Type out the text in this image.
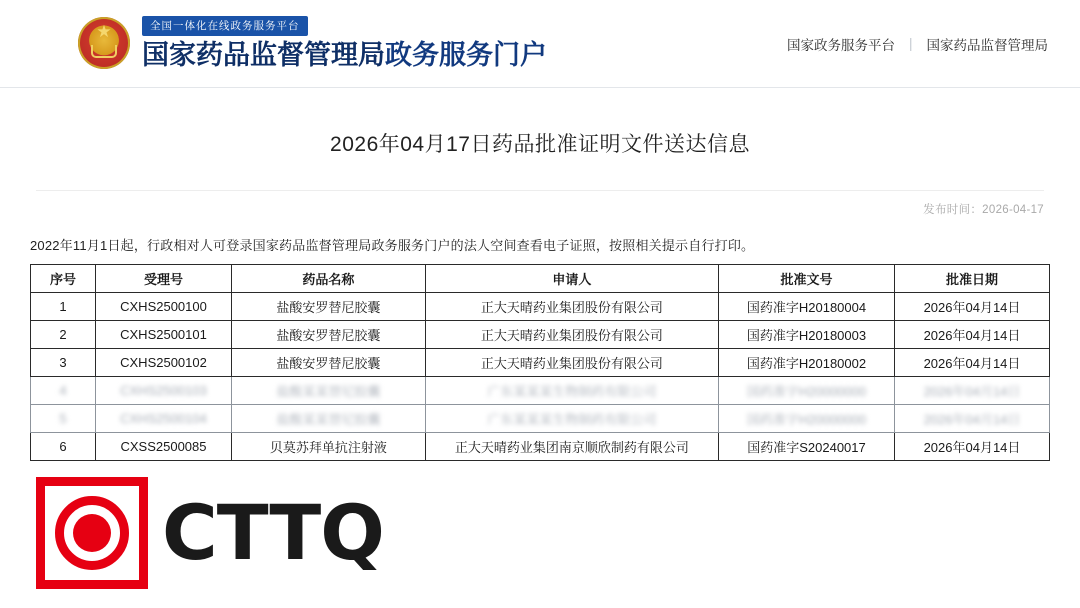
★
全国一体化在线政务服务平台
国家药品监督管理局政务服务门户	国家政务服务平台 | 国家药品监督管理局
2026年04月17日药品批准证明文件送达信息
发布时间：2026-04-17
2022年11月1日起，行政相对人可登录国家药品监督管理局政务服务门户的法人空间查看电子证照，按照相关提示自行打印。
序号	受理号	药品名称	申请人	批准文号	批准日期
1	CXHS2500100	盐酸安罗替尼胶囊	正大天晴药业集团股份有限公司	国药准字H20180004	2026年04月14日
2	CXHS2500101	盐酸安罗替尼胶囊	正大天晴药业集团股份有限公司	国药准字H20180003	2026年04月14日
3	CXHS2500102	盐酸安罗替尼胶囊	正大天晴药业集团股份有限公司	国药准字H20180002	2026年04月14日
4	CXHS2500103	盐酸某某替尼胶囊	广东某某某生物制药有限公司	国药准字H20000000	2026年04月14日
5	CXHS2500104	盐酸某某替尼胶囊	广东某某某生物制药有限公司	国药准字H20000000	2026年04月14日
6	CXSS2500085	贝莫苏拜单抗注射液	正大天晴药业集团南京顺欣制药有限公司	国药准字S20240017	2026年04月14日
CTTQ
